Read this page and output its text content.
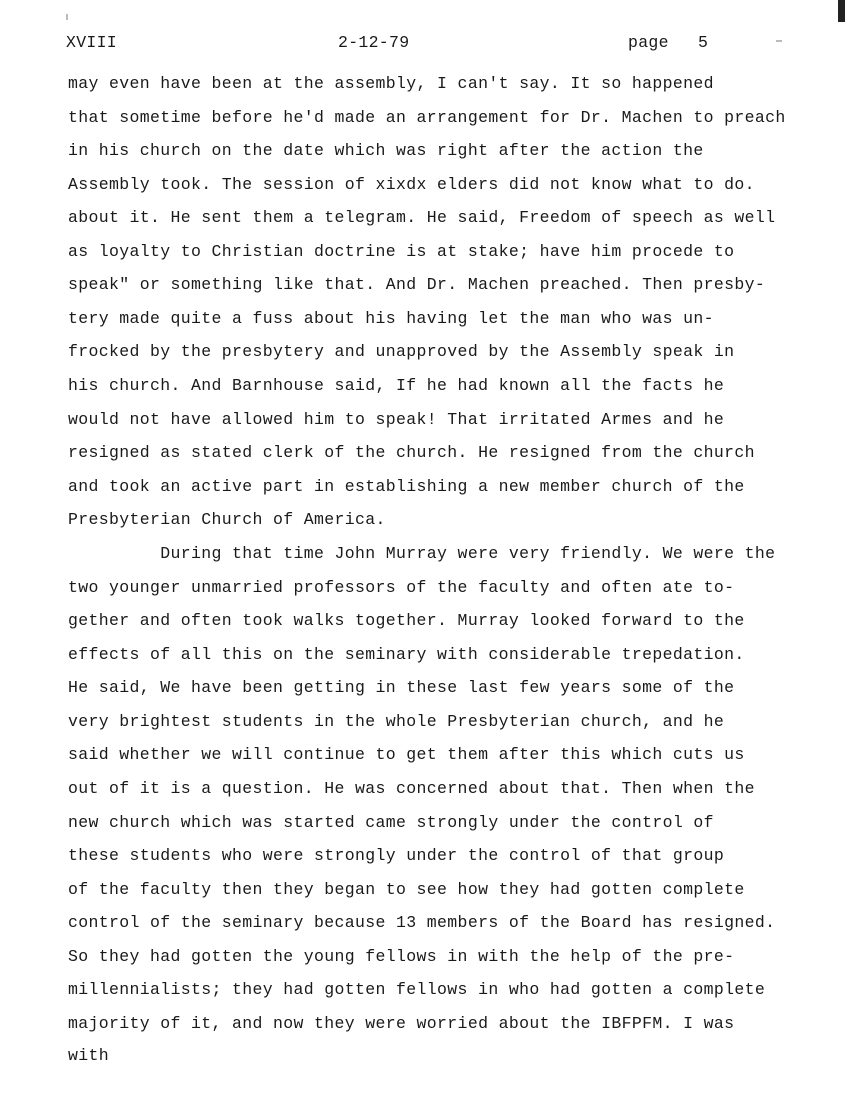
XVIII	2-12-79	page 5
may even have been at the assembly, I can't say. It so happened
that sometime before he'd made an arrangement for Dr. Machen to preach
in his church on the date which was right after the action the
Assembly took. The session of xixdx elders did not know what to do.
about it. He sent them a telegram. He said, Freedom of speech as well
as loyalty to Christian doctrine is at stake; have him procede to
speak" or something like that. And Dr. Machen preached. Then presby-
tery made quite a fuss about his having let the man who was un-
frocked by the presbytery and unapproved by the Assembly speak in
his church. And Barnhouse said, If he had known all the facts he
would not have allowed him to speak! That irritated Armes and he
resigned as stated clerk of the church. He resigned from the church
and took an active part in establishing a new member church of the
Presbyterian Church of America.
During that time John Murray were very friendly. We were the
two younger unmarried professors of the faculty and often ate to-
gether and often took walks together. Murray looked forward to the
effects of all this on the seminary with considerable trepedation.
He said, We have been getting in these last few years some of the
very brightest students in the whole Presbyterian church, and he
said whether we will continue to get them after this which cuts us
out of it is a question. He was concerned about that. Then when the
new church which was started came strongly under the control of
these students who were strongly under the control of that group
of the faculty then they began to see how they had gotten complete
control of the seminary because 13 members of the Board has resigned.
So they had gotten the young fellows in with the help of the pre-
millennialists; they had gotten fellows in who had gotten a complete
majority of it, and now they were worried about the IBFPFM. I was
with
